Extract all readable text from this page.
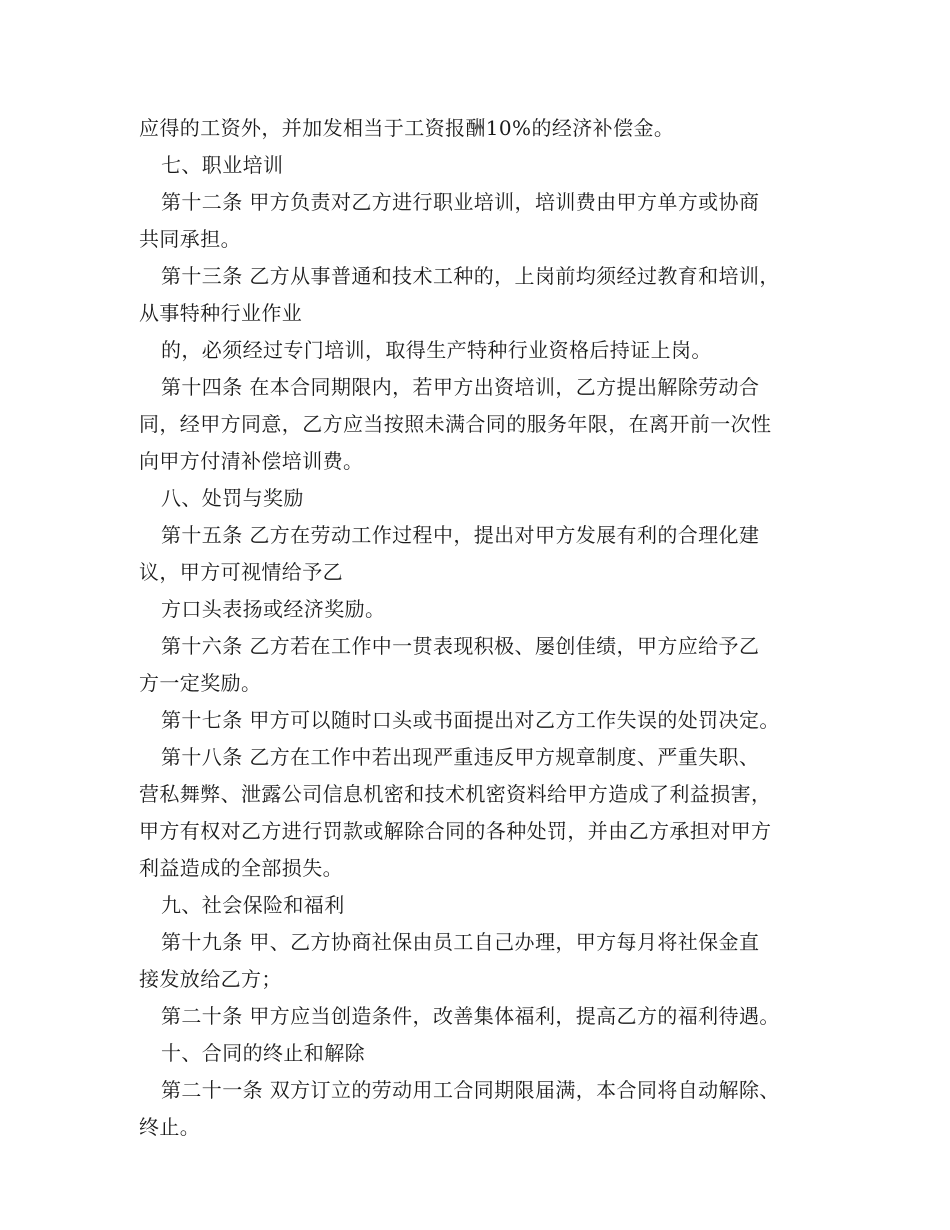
应得的工资外，并加发相当于工资报酬10%的经济补偿金。
七、职业培训
第十二条 甲方负责对乙方进行职业培训，培训费由甲方单方或协商
共同承担。
第十三条 乙方从事普通和技术工种的，上岗前均须经过教育和培训，
从事特种行业作业
的，必须经过专门培训，取得生产特种行业资格后持证上岗。
第十四条 在本合同期限内，若甲方出资培训，乙方提出解除劳动合
同，经甲方同意，乙方应当按照未满合同的服务年限，在离开前一次性
向甲方付清补偿培训费。
八、处罚与奖励
第十五条 乙方在劳动工作过程中，提出对甲方发展有利的合理化建
议，甲方可视情给予乙
方口头表扬或经济奖励。
第十六条 乙方若在工作中一贯表现积极、屡创佳绩，甲方应给予乙
方一定奖励。
第十七条 甲方可以随时口头或书面提出对乙方工作失误的处罚决定。
第十八条 乙方在工作中若出现严重违反甲方规章制度、严重失职、
营私舞弊、泄露公司信息机密和技术机密资料给甲方造成了利益损害，
甲方有权对乙方进行罚款或解除合同的各种处罚，并由乙方承担对甲方
利益造成的全部损失。
九、社会保险和福利
第十九条 甲、乙方协商社保由员工自己办理，甲方每月将社保金直
接发放给乙方；
第二十条 甲方应当创造条件，改善集体福利，提高乙方的福利待遇。
十、合同的终止和解除
第二十一条 双方订立的劳动用工合同期限届满，本合同将自动解除、
终止。
